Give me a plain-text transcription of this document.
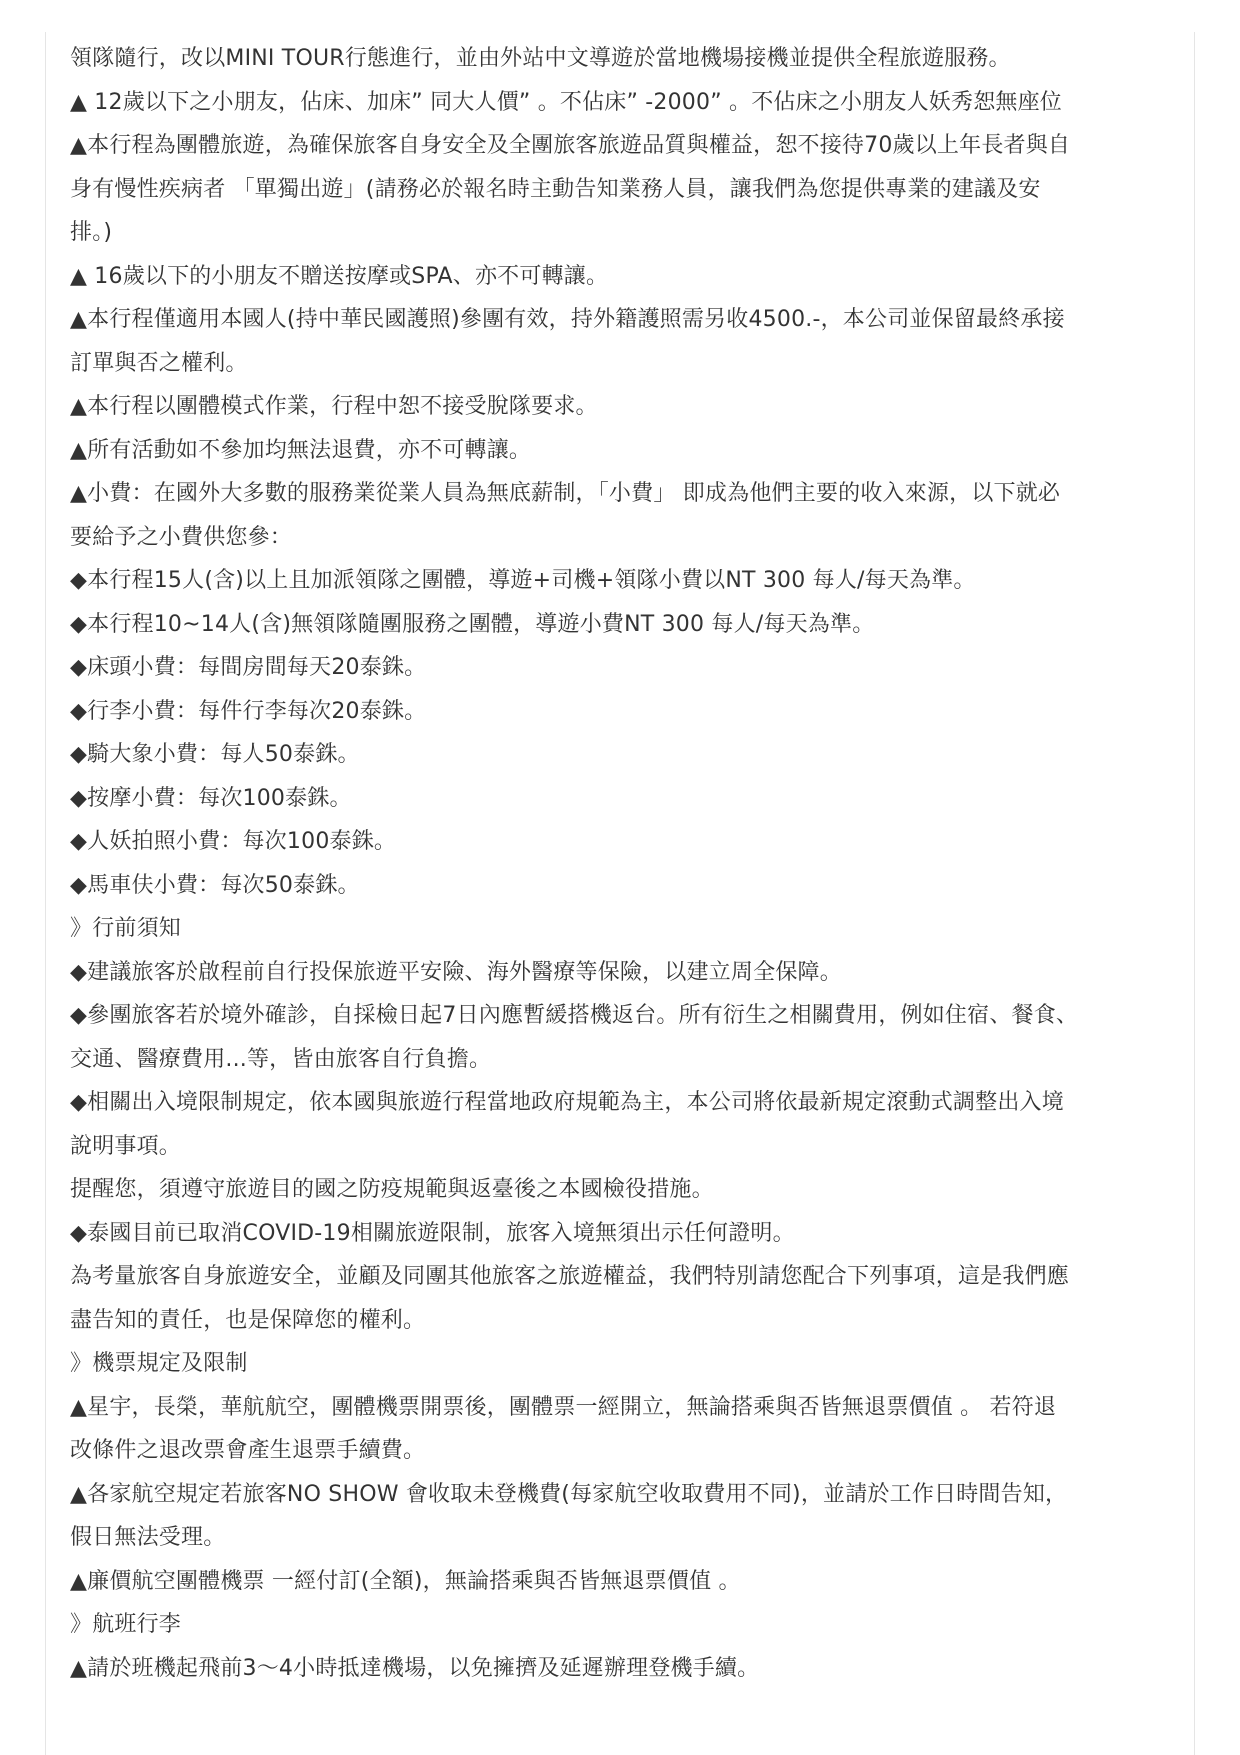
領隊隨行，改以MINI TOUR行態進行，並由外站中文導遊於當地機場接機並提供全程旅遊服務。

▲ 12歲以下之小朋友，佔床、加床” 同大人價” 。不佔床” -2000” 。不佔床之小朋友人妖秀恕無座位

▲本行程為團體旅遊，為確保旅客自身安全及全團旅客旅遊品質與權益，恕不接待70歲以上年長者與自

身有慢性疾病者 「單獨出遊」(請務必於報名時主動告知業務人員，讓我們為您提供專業的建議及安

排。)

▲ 16歲以下的小朋友不贈送按摩或SPA、亦不可轉讓。

▲本行程僅適用本國人(持中華民國護照)參團有效，持外籍護照需另收4500.-，本公司並保留最終承接

訂單與否之權利。

▲本行程以團體模式作業，行程中恕不接受脫隊要求。

▲所有活動如不參加均無法退費，亦不可轉讓。

▲小費：在國外大多數的服務業從業人員為無底薪制，「小費」 即成為他們主要的收入來源，以下就必

要給予之小費供您參：

◆本行程15人(含)以上且加派領隊之團體，導遊+司機+領隊小費以NT 300 每人/每天為準。

◆本行程10~14人(含)無領隊隨團服務之團體，導遊小費NT 300 每人/每天為準。

◆床頭小費：每間房間每天20泰銖。

◆行李小費：每件行李每次20泰銖。

◆騎大象小費：每人50泰銖。

◆按摩小費：每次100泰銖。

◆人妖拍照小費：每次100泰銖。

◆馬車伕小費：每次50泰銖。

》行前須知

◆建議旅客於啟程前自行投保旅遊平安險、海外醫療等保險，以建立周全保障。

◆參團旅客若於境外確診，自採檢日起7日內應暫緩搭機返台。所有衍生之相關費用，例如住宿、餐食、

交通、醫療費用...等，皆由旅客自行負擔。

◆相關出入境限制規定，依本國與旅遊行程當地政府規範為主，本公司將依最新規定滾動式調整出入境

說明事項。

提醒您，須遵守旅遊目的國之防疫規範與返臺後之本國檢役措施。

◆泰國目前已取消COVID-19相關旅遊限制，旅客入境無須出示任何證明。

為考量旅客自身旅遊安全，並顧及同團其他旅客之旅遊權益，我們特別請您配合下列事項，這是我們應

盡告知的責任，也是保障您的權利。

》機票規定及限制

▲星宇，長榮，華航航空，團體機票開票後，團體票一經開立，無論搭乘與否皆無退票價值 。 若符退

改條件之退改票會產生退票手續費。

▲各家航空規定若旅客NO SHOW 會收取未登機費(每家航空收取費用不同)，並請於工作日時間告知，

假日無法受理。

▲廉價航空團體機票 一經付訂(全額)，無論搭乘與否皆無退票價值 。

》航班行李

▲請於班機起飛前3～4小時抵達機場，以免擁擠及延遲辦理登機手續。
